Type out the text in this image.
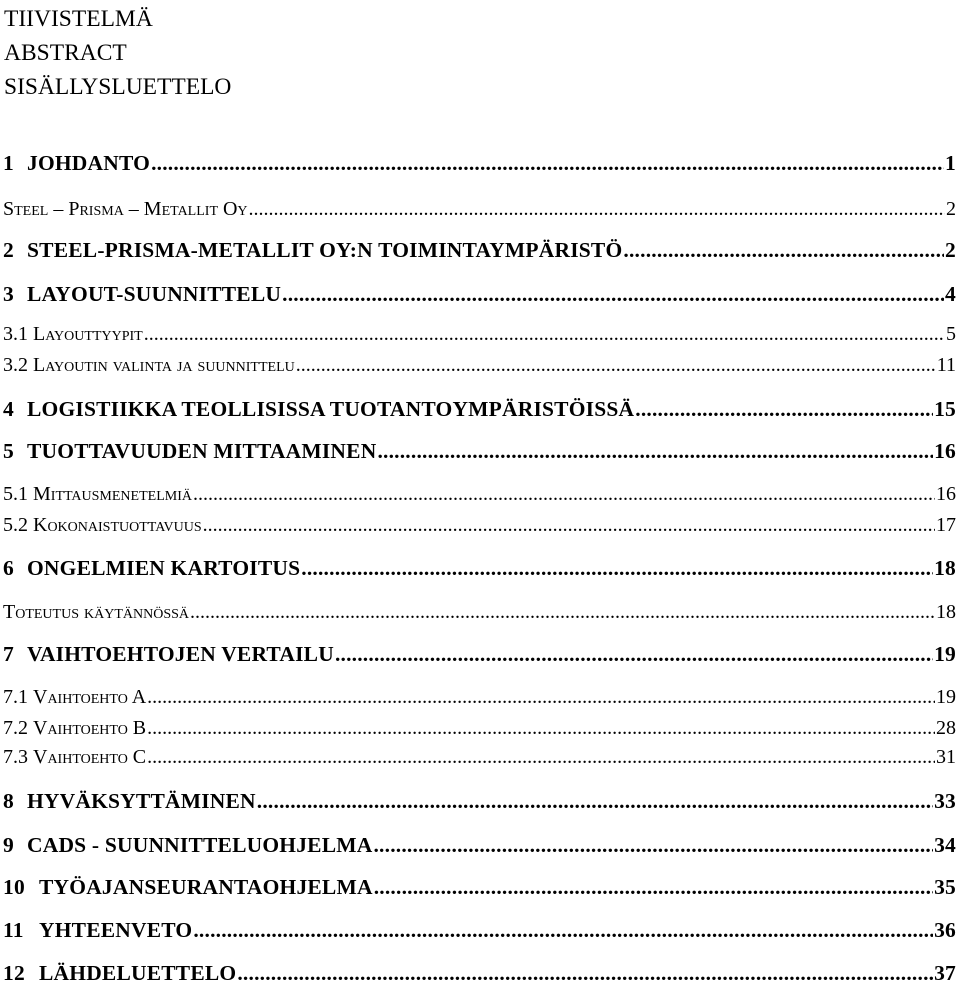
TIIVISTELMÄ
ABSTRACT
SISÄLLYSLUETTELO
1 JOHDANTO .....	1
Steel – Prisma – Metallit Oy .....	2
2 STEEL-PRISMA-METALLIT OY:N TOIMINTAYMPÄRISTÖ .....	2
3 LAYOUT-SUUNNITTELU .....	4
3.1 Layouttyypit .....	5
3.2 Layoutin valinta ja suunnittelu .....	11
4 LOGISTIIKKA TEOLLISISSA TUOTANTOYMPÄRISTÖISSÄ .....	15
5 TUOTTAVUUDEN MITTAAMINEN .....	16
5.1 Mittausmenetelmiä .....	16
5.2 Kokonaistuottavuus .....	17
6 ONGELMIEN KARTOITUS .....	18
Toteutus käytännössä .....	18
7 VAIHTOEHTOJEN VERTAILU .....	19
7.1 Vaihtoehto A .....	19
7.2 Vaihtoehto B .....	28
7.3 Vaihtoehto C .....	31
8 HYVÄKSYTTÄMINEN .....	33
9 CADS - SUUNNITTELUOHJELMA .....	34
10 TYÖAJANSEURANTAOHJELMA .....	35
11 YHTEENVETO .....	36
12 LÄHDELUETTELO .....	37
